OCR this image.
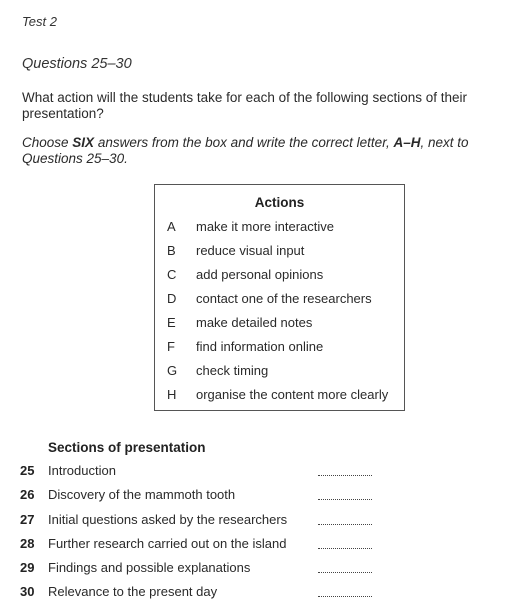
Test 2
Questions 25–30
What action will the students take for each of the following sections of their presentation?
Choose SIX answers from the box and write the correct letter, A–H, next to Questions 25–30.
Actions
A	make it more interactive
B	reduce visual input
C	add personal opinions
D	contact one of the researchers
E	make detailed notes
F	find information online
G check timing
H	organise the content more clearly
Sections of presentation
25 Introduction
26 Discovery of the mammoth tooth
27 Initial questions asked by the researchers
28 Further research carried out on the island
29 Findings and possible explanations
30 Relevance to the present day
